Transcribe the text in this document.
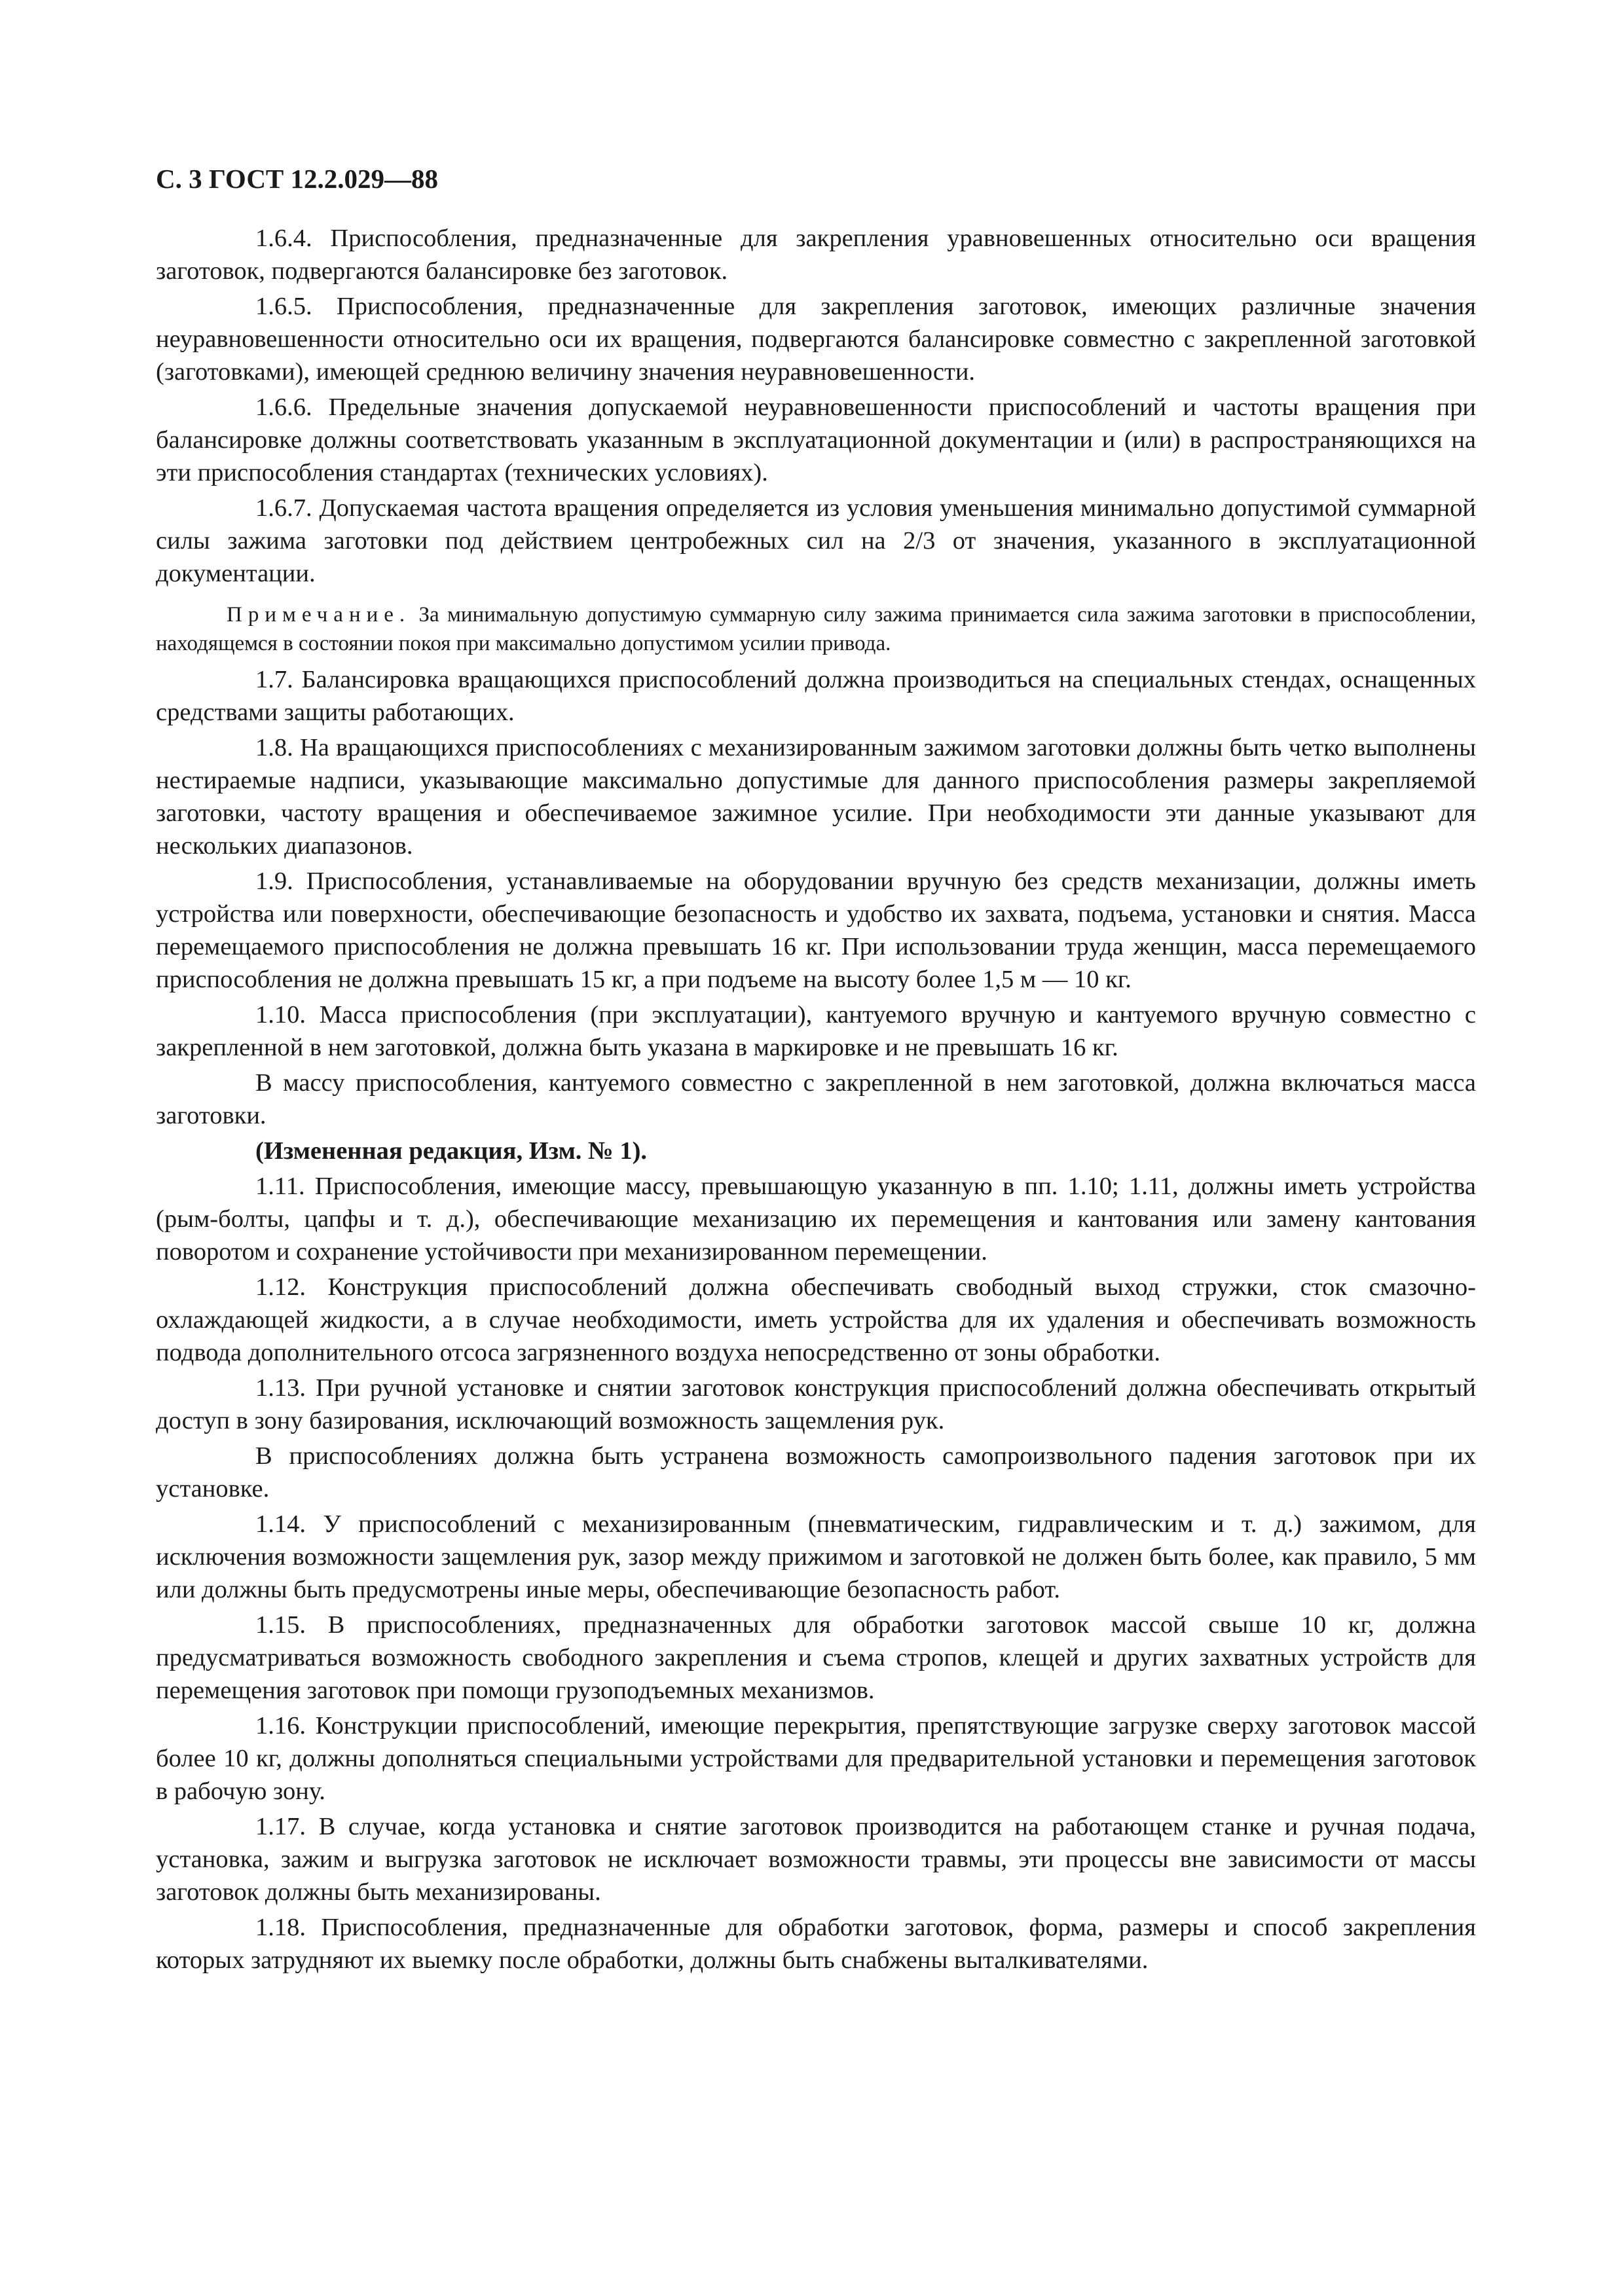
С. 3 ГОСТ 12.2.029—88

1.6.4. Приспособления, предназначенные для закрепления уравновешенных относительно оси вращения заготовок, подвергаются балансировке без заготовок.

1.6.5. Приспособления, предназначенные для закрепления заготовок, имеющих различные значения неуравновешенности относительно оси их вращения, подвергаются балансировке совместно с закрепленной заготовкой (заготовками), имеющей среднюю величину значения неуравновешенности.

1.6.6. Предельные значения допускаемой неуравновешенности приспособлений и частоты вращения при балансировке должны соответствовать указанным в эксплуатационной документации и (или) в распространяющихся на эти приспособления стандартах (технических условиях).

1.6.7. Допускаемая частота вращения определяется из условия уменьшения минимально допустимой суммарной силы зажима заготовки под действием центробежных сил на 2/3 от значения, указанного в эксплуатационной документации.

Примечание. За минимальную допустимую суммарную силу зажима принимается сила зажима заготовки в приспособлении, находящемся в состоянии покоя при максимально допустимом усилии привода.

1.7. Балансировка вращающихся приспособлений должна производиться на специальных стендах, оснащенных средствами защиты работающих.

1.8. На вращающихся приспособлениях с механизированным зажимом заготовки должны быть четко выполнены нестираемые надписи, указывающие максимально допустимые для данного приспособления размеры закрепляемой заготовки, частоту вращения и обеспечиваемое зажимное усилие. При необходимости эти данные указывают для нескольких диапазонов.

1.9. Приспособления, устанавливаемые на оборудовании вручную без средств механизации, должны иметь устройства или поверхности, обеспечивающие безопасность и удобство их захвата, подъема, установки и снятия. Масса перемещаемого приспособления не должна превышать 16 кг. При использовании труда женщин, масса перемещаемого приспособления не должна превышать 15 кг, а при подъеме на высоту более 1,5 м — 10 кг.

1.10. Масса приспособления (при эксплуатации), кантуемого вручную и кантуемого вручную совместно с закрепленной в нем заготовкой, должна быть указана в маркировке и не превышать 16 кг.

В массу приспособления, кантуемого совместно с закрепленной в нем заготовкой, должна включаться масса заготовки.

(Измененная редакция, Изм. № 1).

1.11. Приспособления, имеющие массу, превышающую указанную в пп. 1.10; 1.11, должны иметь устройства (рым-болты, цапфы и т. д.), обеспечивающие механизацию их перемещения и кантования или замену кантования поворотом и сохранение устойчивости при механизированном перемещении.

1.12. Конструкция приспособлений должна обеспечивать свободный выход стружки, сток смазочно-охлаждающей жидкости, а в случае необходимости, иметь устройства для их удаления и обеспечивать возможность подвода дополнительного отсоса загрязненного воздуха непосредственно от зоны обработки.

1.13. При ручной установке и снятии заготовок конструкция приспособлений должна обеспечивать открытый доступ в зону базирования, исключающий возможность защемления рук.

В приспособлениях должна быть устранена возможность самопроизвольного падения заготовок при их установке.

1.14. У приспособлений с механизированным (пневматическим, гидравлическим и т. д.) зажимом, для исключения возможности защемления рук, зазор между прижимом и заготовкой не должен быть более, как правило, 5 мм или должны быть предусмотрены иные меры, обеспечивающие безопасность работ.

1.15. В приспособлениях, предназначенных для обработки заготовок массой свыше 10 кг, должна предусматриваться возможность свободного закрепления и съема стропов, клещей и других захватных устройств для перемещения заготовок при помощи грузоподъемных механизмов.

1.16. Конструкции приспособлений, имеющие перекрытия, препятствующие загрузке сверху заготовок массой более 10 кг, должны дополняться специальными устройствами для предварительной установки и перемещения заготовок в рабочую зону.

1.17. В случае, когда установка и снятие заготовок производится на работающем станке и ручная подача, установка, зажим и выгрузка заготовок не исключает возможности травмы, эти процессы вне зависимости от массы заготовок должны быть механизированы.

1.18. Приспособления, предназначенные для обработки заготовок, форма, размеры и способ закрепления которых затрудняют их выемку после обработки, должны быть снабжены выталкивателями.
